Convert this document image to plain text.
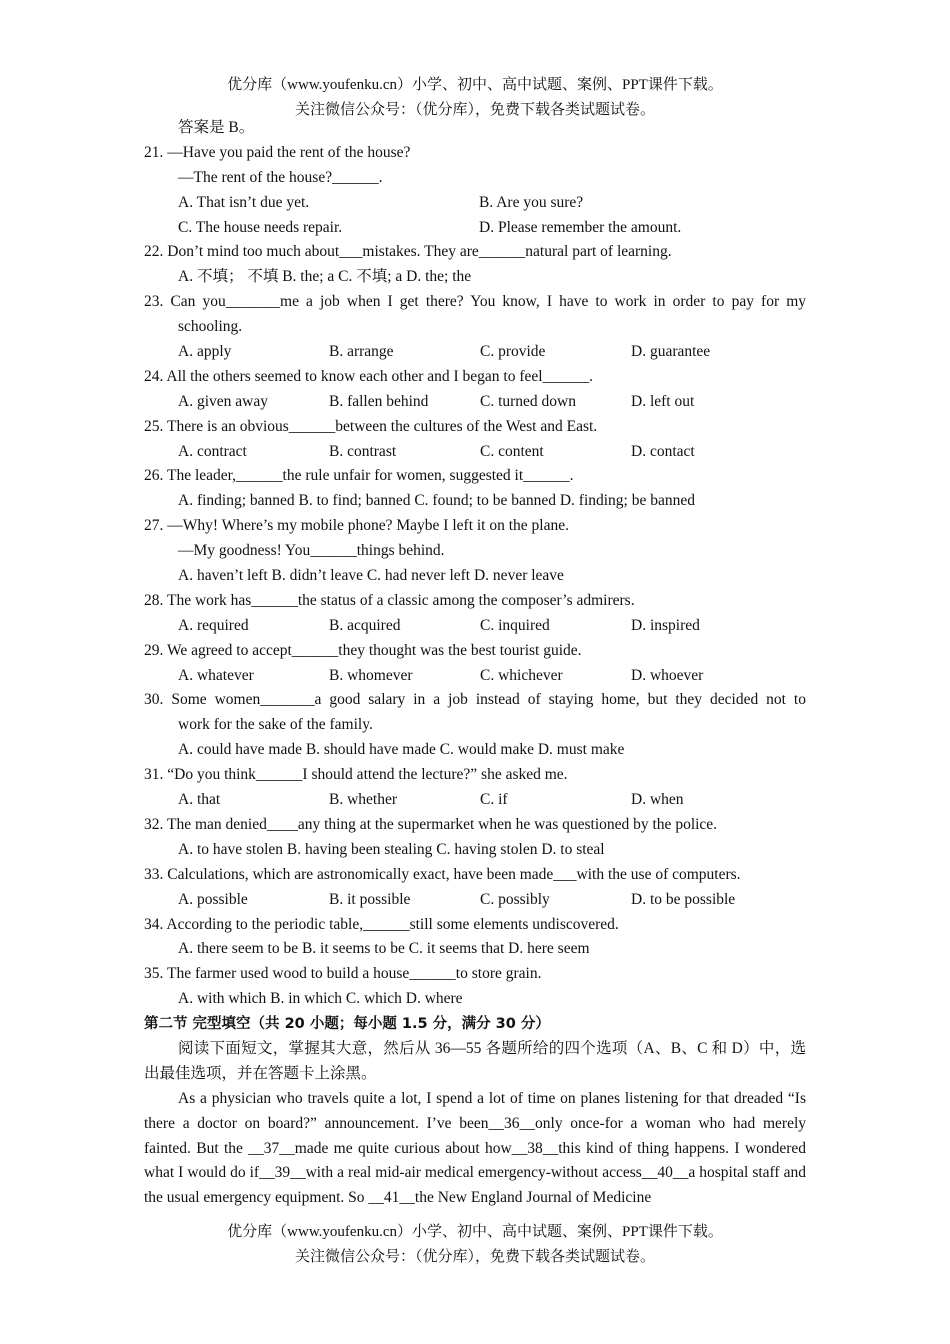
优分库（www.youfenku.cn）小学、初中、高中试题、案例、PPT课件下载。
关注微信公众号：（优分库），免费下载各类试题试卷。
答案是 B。
21. —Have you paid the rent of the house?
—The rent of the house?______.
A. That isn’t due yet.	B. Are you sure?
C. The house needs repair.	D. Please remember the amount.
22. Don’t mind too much about___mistakes. They are______natural part of learning.
A. 不填； 不填 B. the; a C. 不填; a D. the; the
23. Can you_______me a job when I get there? You know, I have to work in order to pay for my
schooling.
A. apply	B. arrange	C. provide	D. guarantee
24. All the others seemed to know each other and I began to feel______.
A. given away	B. fallen behind	C. turned down	D. left out
25. There is an obvious______between the cultures of the West and East.
A. contract	B. contrast	C. content	D. contact
26. The leader,______the rule unfair for women, suggested it______.
A. finding; banned B. to find; banned C. found; to be banned D. finding; be banned
27. —Why! Where’s my mobile phone? Maybe I left it on the plane.
—My goodness! You______things behind.
A. haven’t left B. didn’t leave C. had never left D. never leave
28. The work has______the status of a classic among the composer’s admirers.
A. required	B. acquired	C. inquired	D. inspired
29. We agreed to accept______they thought was the best tourist guide.
A. whatever	B. whomever	C. whichever	D. whoever
30. Some women_______a good salary in a job instead of staying home, but they decided not to
work for the sake of the family.
A. could have made B. should have made C. would make D. must make
31. “Do you think______I should attend the lecture?” she asked me.
A. that	B. whether	C. if	D. when
32. The man denied____any thing at the supermarket when he was questioned by the police.
A. to have stolen B. having been stealing C. having stolen D. to steal
33. Calculations, which are astronomically exact, have been made___with the use of computers.
A. possible	B. it possible	C. possibly	D. to be possible
34. According to the periodic table,______still some elements undiscovered.
A. there seem to be B. it seems to be C. it seems that D. here seem
35. The farmer used wood to build a house______to store grain.
A. with which B. in which C. which D. where
第二节 完型填空（共 20 小题；每小题 1.5 分，满分 30 分）

阅读下面短文，掌握其大意，然后从 36—55 各题所给的四个选项（A、B、C 和 D）中，选出最佳选项，并在答题卡上涂黑。

As a physician who travels quite a lot, I spend a lot of time on planes listening for that dreaded “Is there a doctor on board?” announcement. I’ve been__36__only once-for a woman who had merely fainted. But the __37__made me quite curious about how__38__this kind of thing happens. I wondered what I would do if__39__with a real mid-air medical emergency-without access__40__a hospital staff and the usual emergency equipment. So __41__the New England Journal of Medicine

优分库（www.youfenku.cn）小学、初中、高中试题、案例、PPT课件下载。
关注微信公众号：（优分库），免费下载各类试题试卷。
